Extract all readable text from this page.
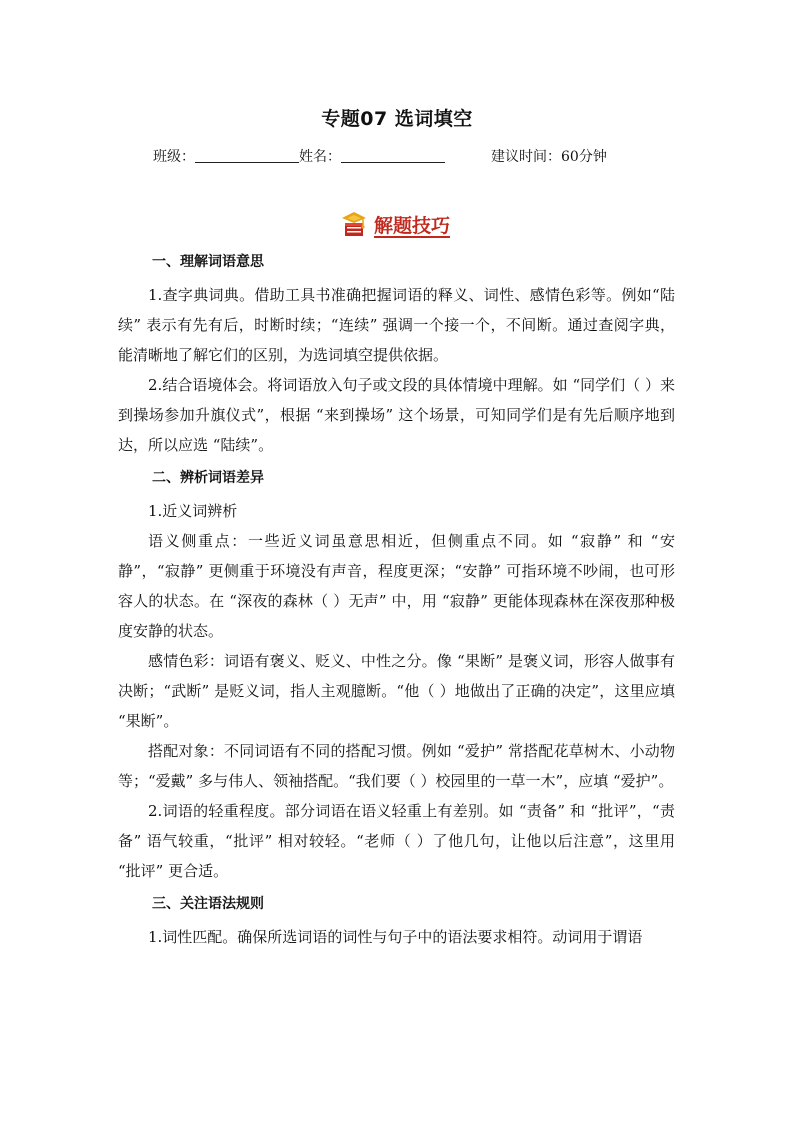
专题07 选词填空
班级：	姓名：	建议时间：60分钟
解题技巧
一、理解词语意思

1.查字典词典。借助工具书准确把握词语的释义、词性、感情色彩等。例如“陆续” 表示有先有后，时断时续；“连续” 强调一个接一个，不间断。通过查阅字典，能清晰地了解它们的区别，为选词填空提供依据。

2.结合语境体会。将词语放入句子或文段的具体情境中理解。如 “同学们（ ）来到操场参加升旗仪式”，根据 “来到操场” 这个场景，可知同学们是有先后顺序地到达，所以应选 “陆续”。

二、辨析词语差异

1.近义词辨析

语义侧重点：一些近义词虽意思相近，但侧重点不同。如 “寂静” 和 “安静”，“寂静” 更侧重于环境没有声音，程度更深；“安静” 可指环境不吵闹，也可形容人的状态。在 “深夜的森林（ ）无声” 中，用 “寂静” 更能体现森林在深夜那种极度安静的状态。

感情色彩：词语有褒义、贬义、中性之分。像 “果断” 是褒义词，形容人做事有决断；“武断” 是贬义词，指人主观臆断。“他（ ）地做出了正确的决定”，这里应填 “果断”。

搭配对象：不同词语有不同的搭配习惯。例如 “爱护” 常搭配花草树木、小动物等；“爱戴” 多与伟人、领袖搭配。“我们要（ ）校园里的一草一木”，应填 “爱护”。

2.词语的轻重程度。部分词语在语义轻重上有差别。如 “责备” 和 “批评”，“责备” 语气较重，“批评” 相对较轻。“老师（ ）了他几句，让他以后注意”，这里用 “批评” 更合适。

三、关注语法规则

1.词性匹配。确保所选词语的词性与句子中的语法要求相符。动词用于谓语
